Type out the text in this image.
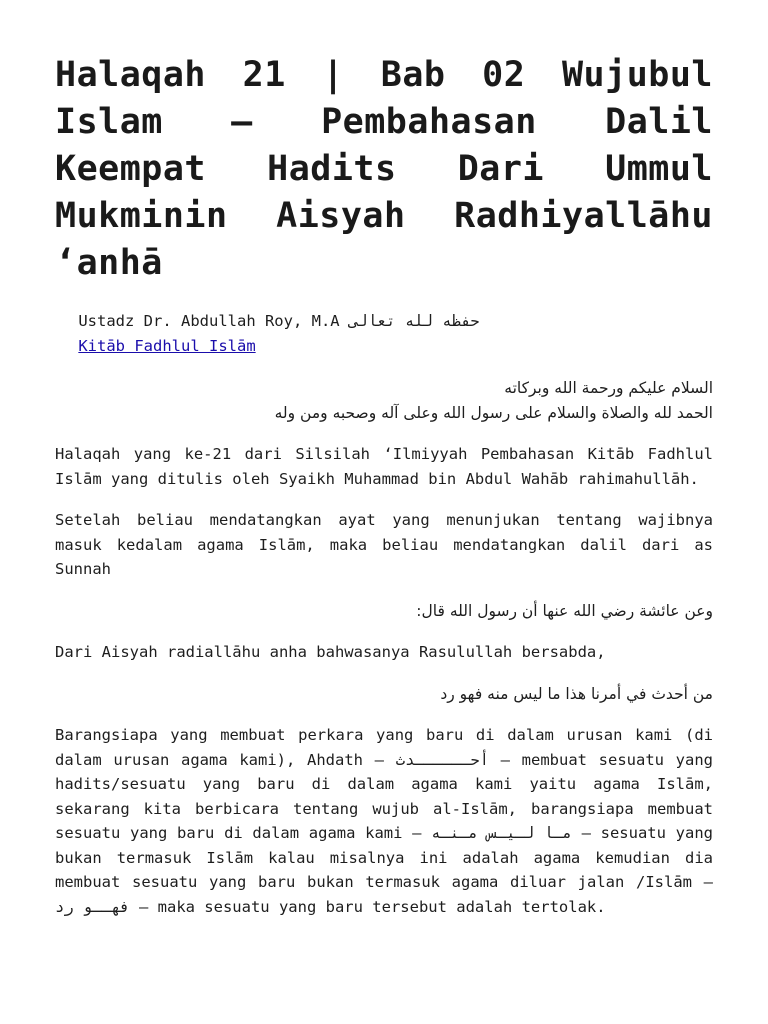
Halaqah 21 | Bab 02 Wujubul Islam – Pembahasan Dalil Keempat Hadits Dari Ummul Mukminin Aisyah Radhiyallāhu ‘anhā
Ustadz Dr. Abdullah Roy, M.A حفظه لله تعالى
Kitāb Fadhlul Islām
السلام عليكم ورحمة الله وبركاته
الحمد لله والصلاة والسلام على رسول الله وعلى آله وصحبه ومن وله

Halaqah yang ke-21 dari Silsilah ‘Ilmiyyah Pembahasan Kitāb Fadhlul Islām yang ditulis oleh Syaikh Muhammad bin Abdul Wahāb rahimahullāh.

Setelah beliau mendatangkan ayat yang menunjukan tentang wajibnya masuk kedalam agama Islām, maka beliau mendatangkan dalil dari as Sunnah

وعن عائشة رضي الله عنها أن رسول الله قال:

Dari Aisyah radiallāhu anha bahwasanya Rasulullah bersabda,

من أحدث في أمرنا هذا ما ليس منه فهو رد

Barangsiapa yang membuat perkara yang baru di dalam urusan kami (di dalam urusan agama kami), Ahdath – أحــــــدث – membuat sesuatu yang hadits/sesuatu yang baru di dalam agama kami yaitu agama Islām, sekarang kita berbicara tentang wujub al-Islām, barangsiapa membuat sesuatu yang baru di dalam agama kami – مـا لـيـس مـنـه – sesuatu yang bukan termasuk Islām kalau misalnya ini adalah agama kemudian dia membuat sesuatu yang baru bukan termasuk agama diluar jalan /Islām – فهــو رد – maka sesuatu yang baru tersebut adalah tertolak.
